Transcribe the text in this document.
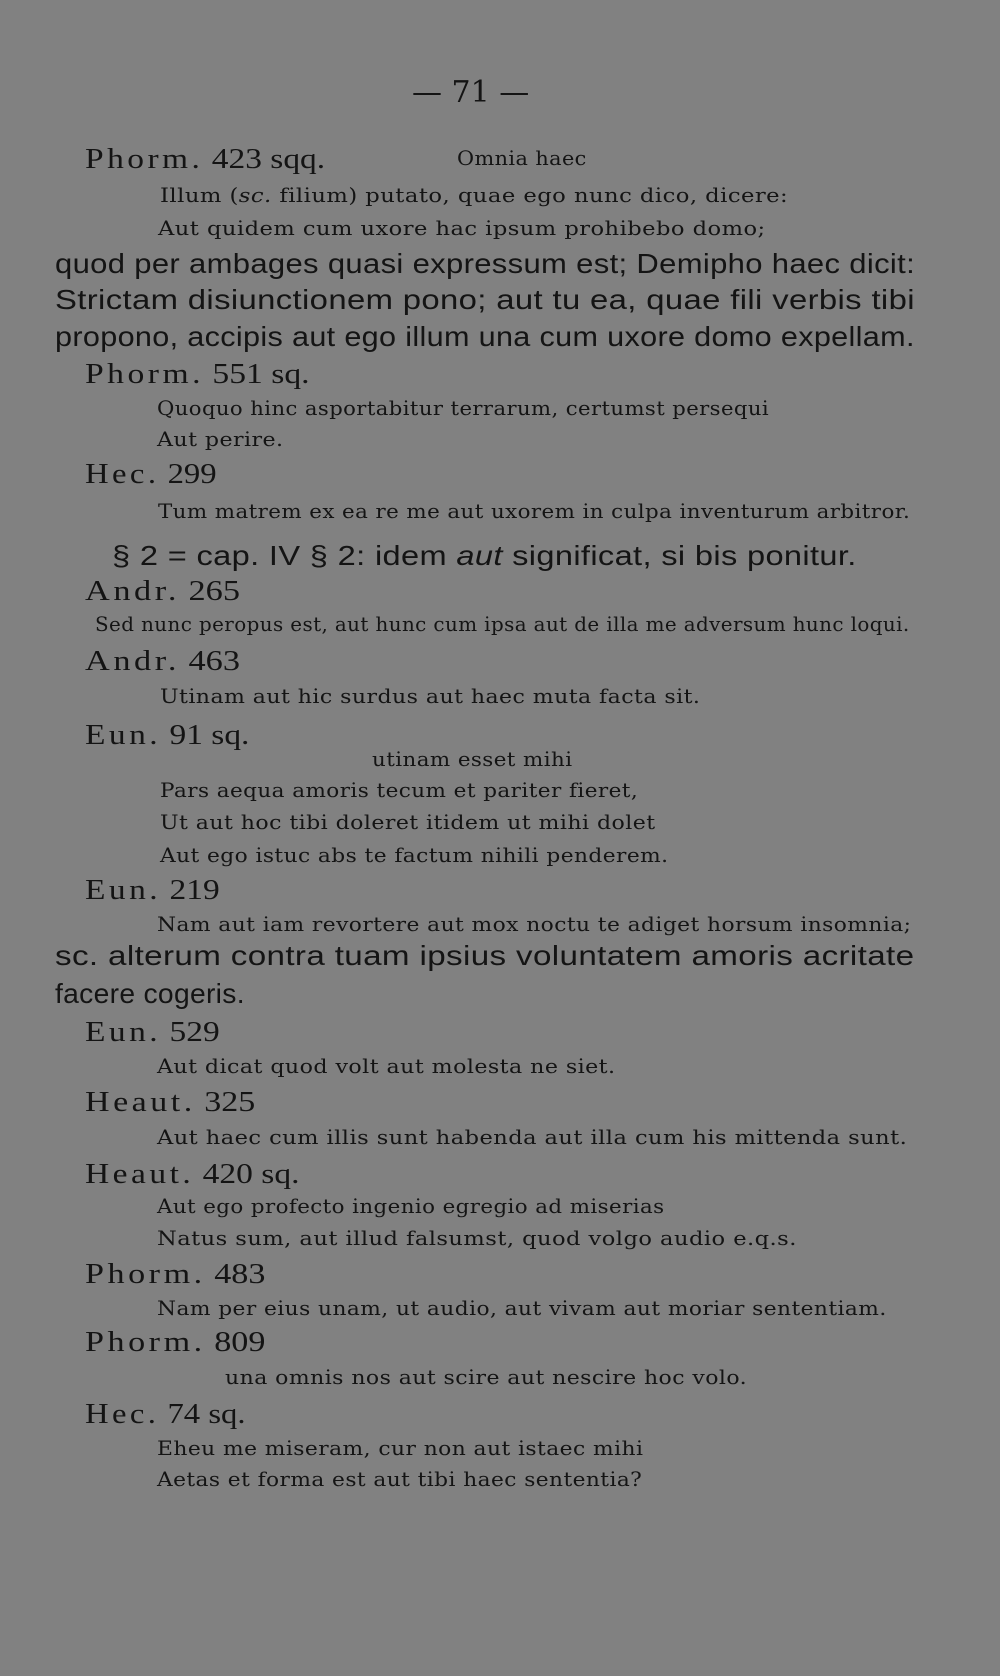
— 71 —
Phorm. 423 sqq.	Omnia haec
Illum (sc. filium) putato, quae ego nunc dico, dicere:
Aut quidem cum uxore hac ipsum prohibebo domo;
quod per ambages quasi expressum est; Demipho haec dicit:
Strictam disiunctionem pono; aut tu ea, quae fili verbis tibi
propono, accipis aut ego illum una cum uxore domo expellam.
Phorm. 551 sq.
Quoquo hinc asportabitur terrarum, certumst persequi
Aut perire.
Hec. 299
Tum matrem ex ea re me aut uxorem in culpa inventurum arbitror.
§ 2 = cap. IV § 2: idem aut significat, si bis ponitur.
Andr. 265
Sed nunc peropus est, aut hunc cum ipsa aut de illa me adversum hunc loqui.
Andr. 463
Utinam aut hic surdus aut haec muta facta sit.
Eun. 91 sq.
utinam esset mihi
Pars aequa amoris tecum et pariter fieret,
Ut aut hoc tibi doleret itidem ut mihi dolet
Aut ego istuc abs te factum nihili penderem.
Eun. 219
Nam aut iam revortere aut mox noctu te adiget horsum insomnia;
sc. alterum contra tuam ipsius voluntatem amoris acritate
facere cogeris.
Eun. 529
Aut dicat quod volt aut molesta ne siet.
Heaut. 325
Aut haec cum illis sunt habenda aut illa cum his mittenda sunt.
Heaut. 420 sq.
Aut ego profecto ingenio egregio ad miserias
Natus sum, aut illud falsumst, quod volgo audio e.q.s.
Phorm. 483
Nam per eius unam, ut audio, aut vivam aut moriar sententiam.
Phorm. 809
una omnis nos aut scire aut nescire hoc volo.
Hec. 74 sq.
Eheu me miseram, cur non aut istaec mihi
Aetas et forma est aut tibi haec sententia?
